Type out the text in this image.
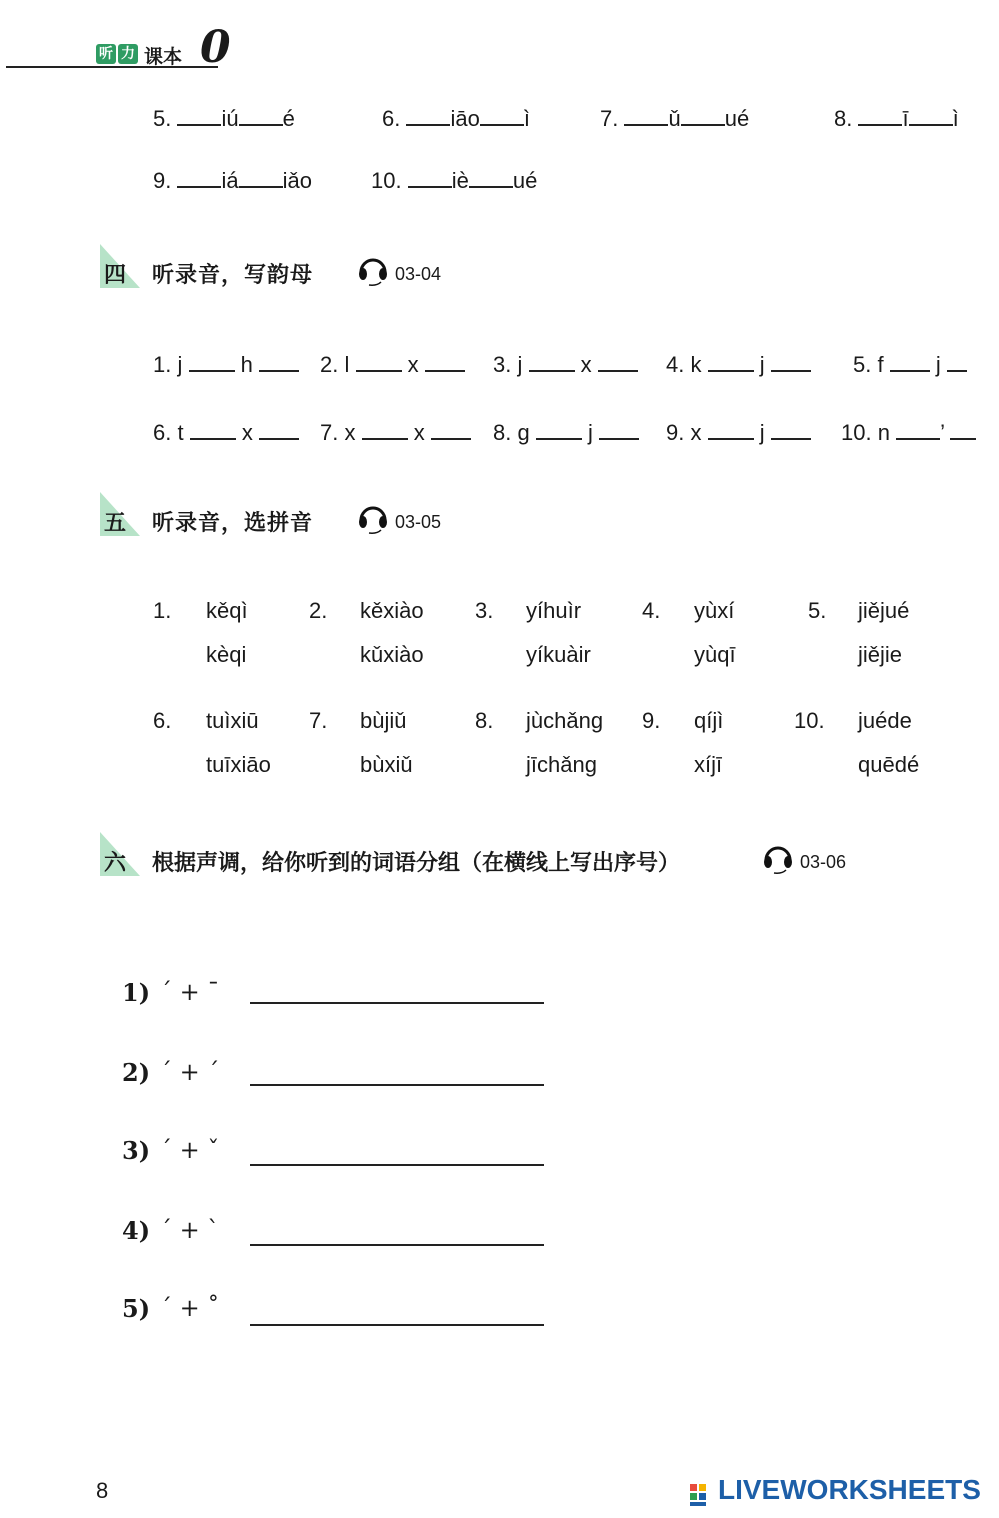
听 力 课本 0
5. iú é	6. iāo ì	7. ǔ ué	8. ī ì
9. iá iǎo	10. iè ué
四 听录音，写韵母	03-04
1. j	h	2. l	x	3. j	x	4. k	j	5. f j
6. t	x	7. x	x	8. g	j	9. x	j	10. n ’
五 听录音，选拼音	03-05
1. kěqì
kèqi
2. kěxiào
kǔxiào
3. yíhuìr
yíkuàir
4. yùxí
yùqī
5. jiějué
jiějie
6. tuìxiū
tuīxiāo
7. bùjiǔ
bùxiǔ
8. jùchǎng
jīchǎng
9. qíjì
xíjī
10. juéde
quēdé
六 根据声调，给你听到的词语分组（在横线上写出序号）	03-06
1) ˊ + ˉ
2) ˊ + ˊ
3) ˊ + ˇ
4) ˊ + ˋ
5) ˊ + ˚
8	LIVEWORKSHEETS
